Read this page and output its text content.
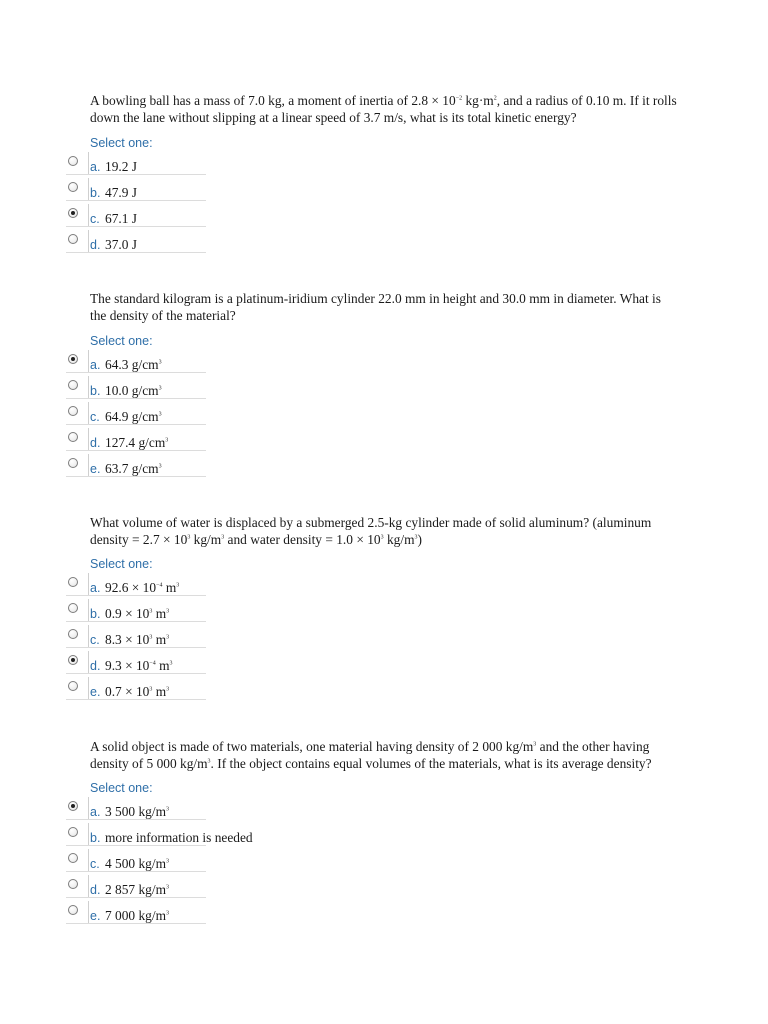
A bowling ball has a mass of 7.0 kg, a moment of inertia of $2.8 \times 10^{-2}$ $kg\cdot m^2$, and a radius of 0.10 m. If it rolls down the lane without slipping at a linear speed of 3.7 m/s, what is its total kinetic energy?

Select one:
a. 19.2 J
b. 47.9 J
c. 67.1 J
d. 37.0 J

The standard kilogram is a platinum-iridium cylinder 22.0 mm in height and 30.0 mm in diameter. What is the density of the material?

Select one:
a. 64.3 $g/cm^3$
b. 10.0 $g/cm^3$
c. 64.9 $g/cm^3$
d. 127.4 $g/cm^3$
e. 63.7 $g/cm^3$

What volume of water is displaced by a submerged 2.5-kg cylinder made of solid aluminum? (aluminum density = $2.7 \times 10^3$ $kg/m^3$ and water density = $1.0 \times 10^3$ $kg/m^3$)

Select one:
a. $92.6 \times 10^{-4}$ $m^3$
b. $0.9 \times 10^3$ $m^3$
c. $8.3 \times 10^3$ $m^3$
d. $9.3 \times 10^{-4}$ $m^3$
e. $0.7 \times 10^3$ $m^3$

A solid object is made of two materials, one material having density of 2 000 $kg/m^3$ and the other having density of 5 000 $kg/m^3$. If the object contains equal volumes of the materials, what is its average density?

Select one:
a. 3 500 $kg/m^3$
b. more information is needed
c. 4 500 $kg/m^3$
d. 2 857 $kg/m^3$
e. 7 000 $kg/m^3$
